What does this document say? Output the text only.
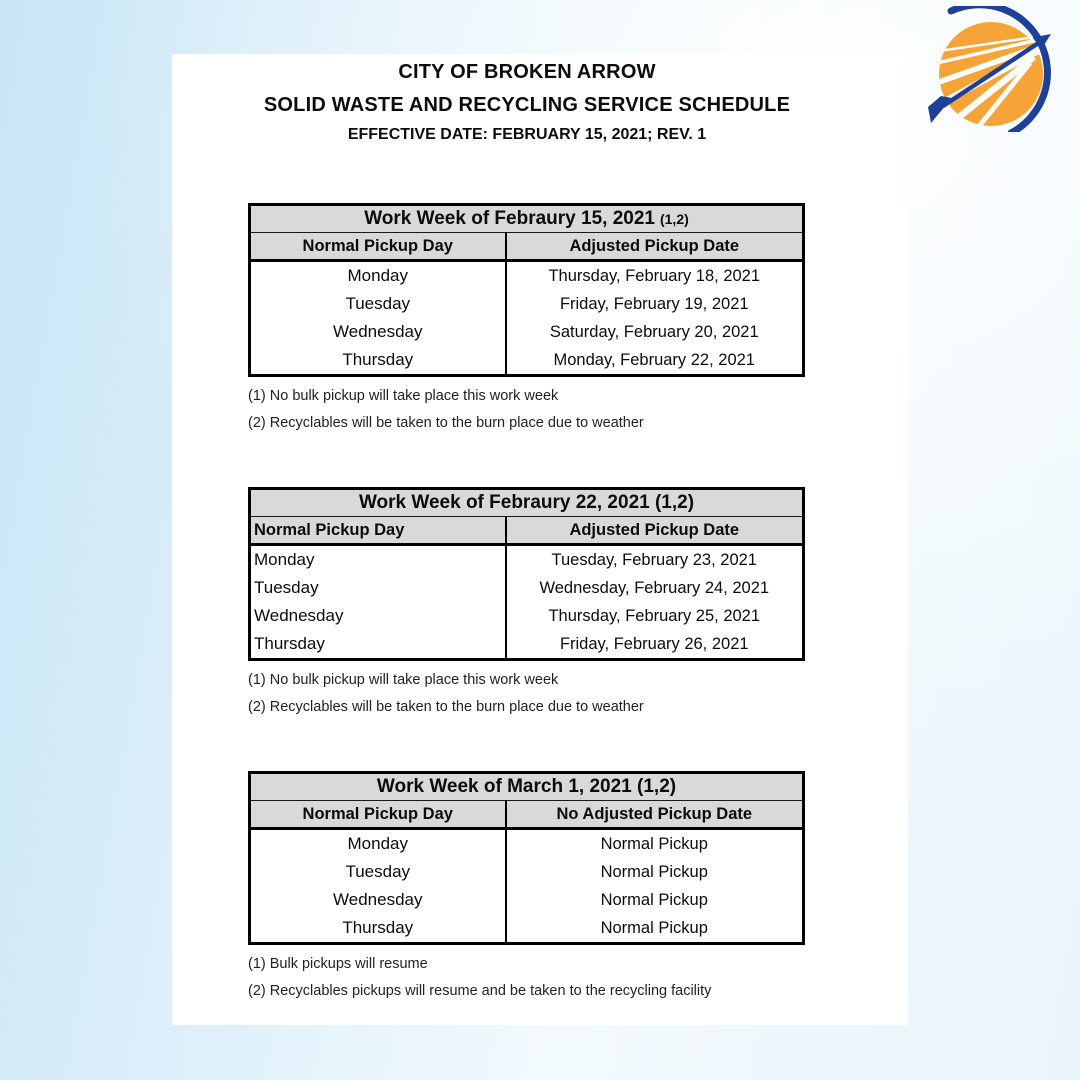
CITY OF BROKEN ARROW
SOLID WASTE AND RECYCLING SERVICE SCHEDULE
EFFECTIVE DATE: FEBRUARY 15, 2021; REV. 1
Work Week of Febraury 15, 2021 (1,2)	
Normal Pickup Day	Adjusted Pickup Date
Monday	Thursday, February 18, 2021
Tuesday	Friday, February 19, 2021
Wednesday	Saturday, February 20, 2021
Thursday	Monday, February 22, 2021
(1) No bulk pickup will take place this work week
(2) Recyclables will be taken to the burn place due to weather
Work Week of Febraury 22, 2021 (1,2)	
Normal Pickup Day	Adjusted Pickup Date
Monday	Tuesday, February 23, 2021
Tuesday	Wednesday, February 24, 2021
Wednesday	Thursday, February 25, 2021
Thursday	Friday, February 26, 2021
(1) No bulk pickup will take place this work week
(2) Recyclables will be taken to the burn place due to weather
Work Week of March 1, 2021 (1,2)	
Normal Pickup Day	No Adjusted Pickup Date
Monday	Normal Pickup
Tuesday	Normal Pickup
Wednesday	Normal Pickup
Thursday	Normal Pickup
(1) Bulk pickups will resume
(2) Recyclables pickups will resume and be taken to the recycling facility
